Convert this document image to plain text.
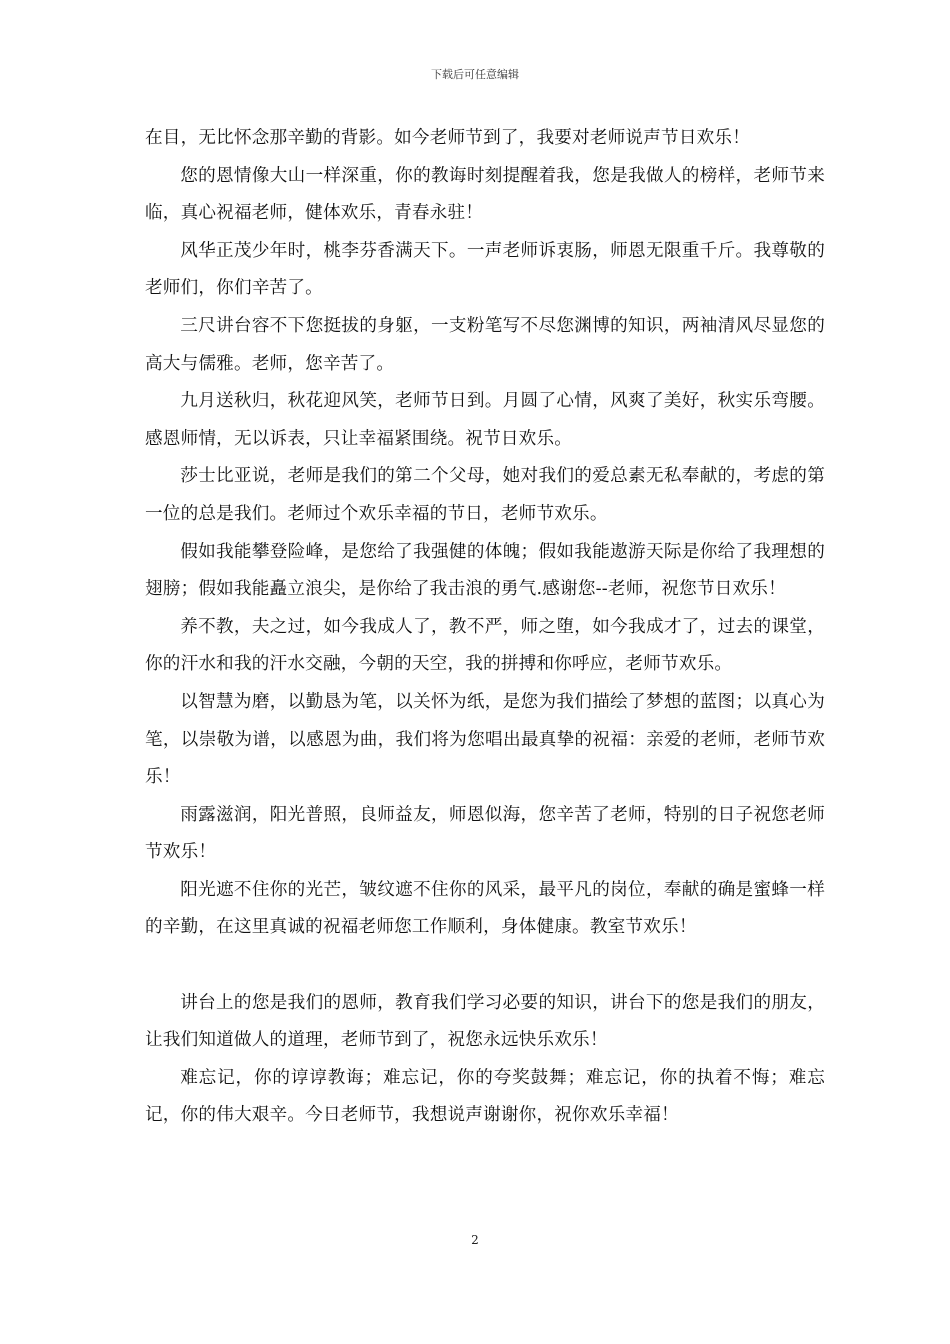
下载后可任意编辑

在目，无比怀念那辛勤的背影。如今老师节到了，我要对老师说声节日欢乐！

您的恩情像大山一样深重，你的教诲时刻提醒着我，您是我做人的榜样，老师节来临，真心祝福老师，健体欢乐，青春永驻！

风华正茂少年时，桃李芬香满天下。一声老师诉衷肠，师恩无限重千斤。我尊敬的老师们，你们辛苦了。

三尺讲台容不下您挺拔的身躯，一支粉笔写不尽您渊博的知识，两袖清风尽显您的高大与儒雅。老师，您辛苦了。

九月送秋归，秋花迎风笑，老师节日到。月圆了心情，风爽了美好，秋实乐弯腰。感恩师情，无以诉表，只让幸福紧围绕。祝节日欢乐。

莎士比亚说，老师是我们的第二个父母，她对我们的爱总素无私奉献的，考虑的第一位的总是我们。老师过个欢乐幸福的节日，老师节欢乐。

假如我能攀登险峰，是您给了我强健的体魄；假如我能遨游天际是你给了我理想的翅膀；假如我能矗立浪尖，是你给了我击浪的勇气.感谢您--老师，祝您节日欢乐！

养不教，夫之过，如今我成人了，教不严，师之堕，如今我成才了，过去的课堂，你的汗水和我的汗水交融，今朝的天空，我的拼搏和你呼应，老师节欢乐。

以智慧为磨，以勤恳为笔，以关怀为纸，是您为我们描绘了梦想的蓝图；以真心为笔，以崇敬为谱，以感恩为曲，我们将为您唱出最真挚的祝福：亲爱的老师，老师节欢乐！

雨露滋润，阳光普照，良师益友，师恩似海，您辛苦了老师，特别的日子祝您老师节欢乐！

阳光遮不住你的光芒，皱纹遮不住你的风采，最平凡的岗位，奉献的确是蜜蜂一样的辛勤，在这里真诚的祝福老师您工作顺利，身体健康。教室节欢乐！

讲台上的您是我们的恩师，教育我们学习必要的知识，讲台下的您是我们的朋友，让我们知道做人的道理，老师节到了，祝您永远快乐欢乐！

难忘记，你的谆谆教诲；难忘记，你的夸奖鼓舞；难忘记，你的执着不悔；难忘记，你的伟大艰辛。今日老师节，我想说声谢谢你，祝你欢乐幸福！

2
